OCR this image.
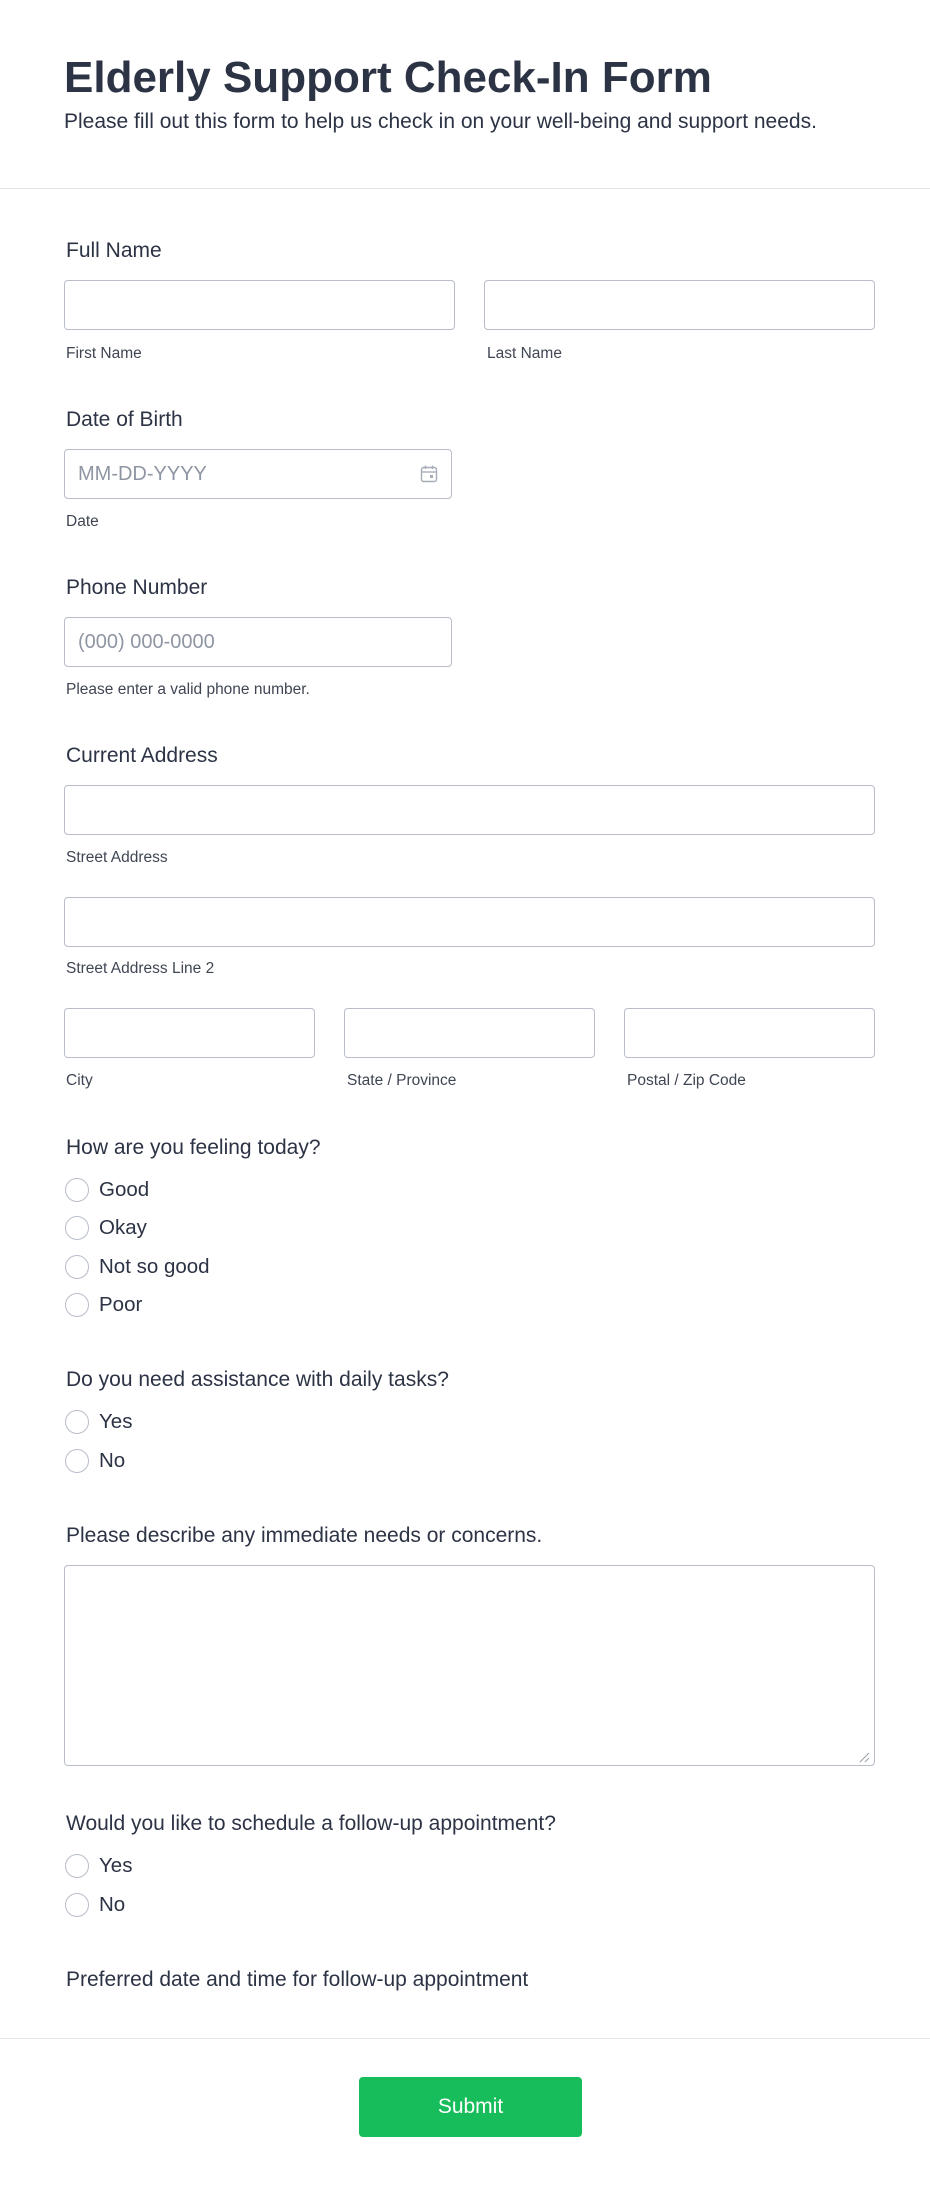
Elderly Support Check-In Form
Please fill out this form to help us check in on your well-being and support needs.
Full Name
First Name	Last Name
Date of Birth
MM-DD-YYYY
Date
Phone Number
(000) 000-0000
Please enter a valid phone number.
Current Address
Street Address
Street Address Line 2
City	State / Province	Postal / Zip Code
How are you feeling today?
Good
Okay
Not so good
Poor
Do you need assistance with daily tasks?
Yes
No
Please describe any immediate needs or concerns.
Would you like to schedule a follow-up appointment?
Yes
No
Preferred date and time for follow-up appointment
Submit
